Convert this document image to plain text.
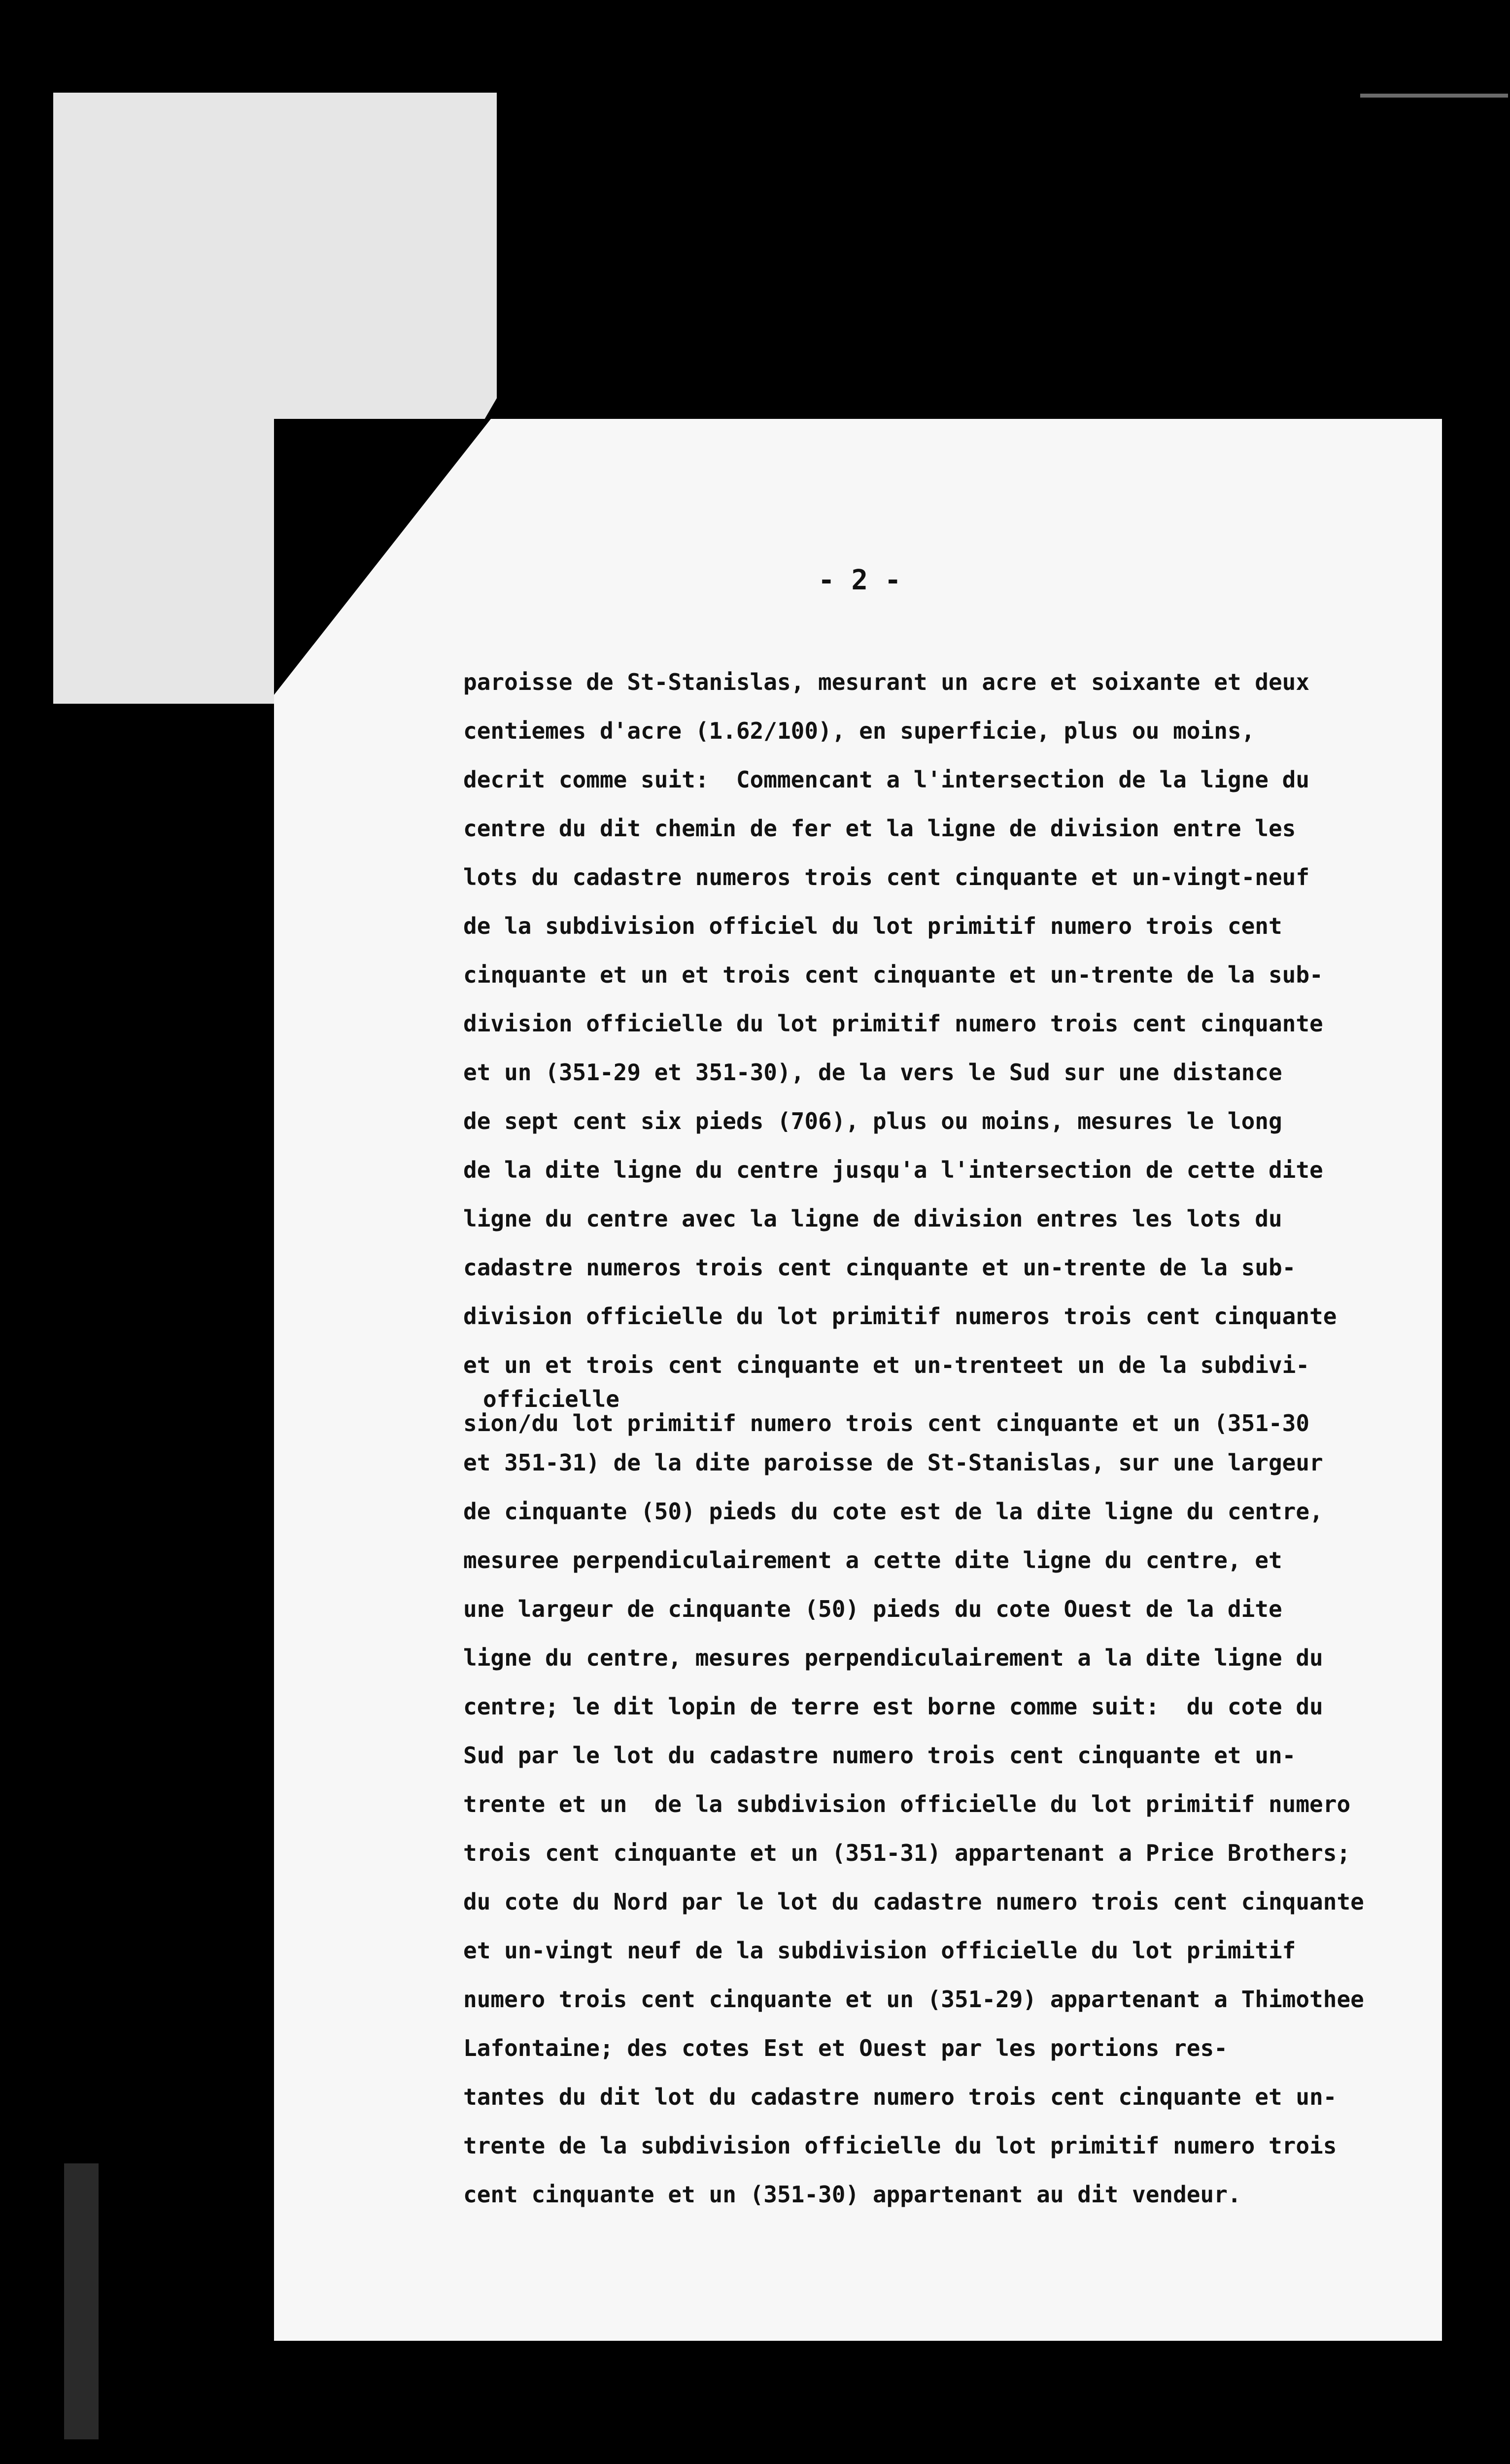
- 2 -
paroisse de St-Stanislas, mesurant un acre et soixante et deux
centiemes d'acre (1.62/100), en superficie, plus ou moins,
decrit comme suit:  Commencant a l'intersection de la ligne du
centre du dit chemin de fer et la ligne de division entre les
lots du cadastre numeros trois cent cinquante et un-vingt-neuf
de la subdivision officiel du lot primitif numero trois cent
cinquante et un et trois cent cinquante et un-trente de la sub-
division officielle du lot primitif numero trois cent cinquante
et un (351-29 et 351-30), de la vers le Sud sur une distance
de sept cent six pieds (706), plus ou moins, mesures le long
de la dite ligne du centre jusqu'a l'intersection de cette dite
ligne du centre avec la ligne de division entres les lots du
cadastre numeros trois cent cinquante et un-trente de la sub-
division officielle du lot primitif numeros trois cent cinquante
et un et trois cent cinquante et un-trenteet un de la subdivi-
officielle
sion/du lot primitif numero trois cent cinquante et un (351-30
et 351-31) de la dite paroisse de St-Stanislas, sur une largeur
de cinquante (50) pieds du cote est de la dite ligne du centre,
mesuree perpendiculairement a cette dite ligne du centre, et
une largeur de cinquante (50) pieds du cote Ouest de la dite
ligne du centre, mesures perpendiculairement a la dite ligne du
centre; le dit lopin de terre est borne comme suit:  du cote du
Sud par le lot du cadastre numero trois cent cinquante et un-
trente et un  de la subdivision officielle du lot primitif numero
trois cent cinquante et un (351-31) appartenant a Price Brothers;
du cote du Nord par le lot du cadastre numero trois cent cinquante
et un-vingt neuf de la subdivision officielle du lot primitif
numero trois cent cinquante et un (351-29) appartenant a Thimothee
Lafontaine; des cotes Est et Ouest par les portions res-
tantes du dit lot du cadastre numero trois cent cinquante et un-
trente de la subdivision officielle du lot primitif numero trois
cent cinquante et un (351-30) appartenant au dit vendeur.
